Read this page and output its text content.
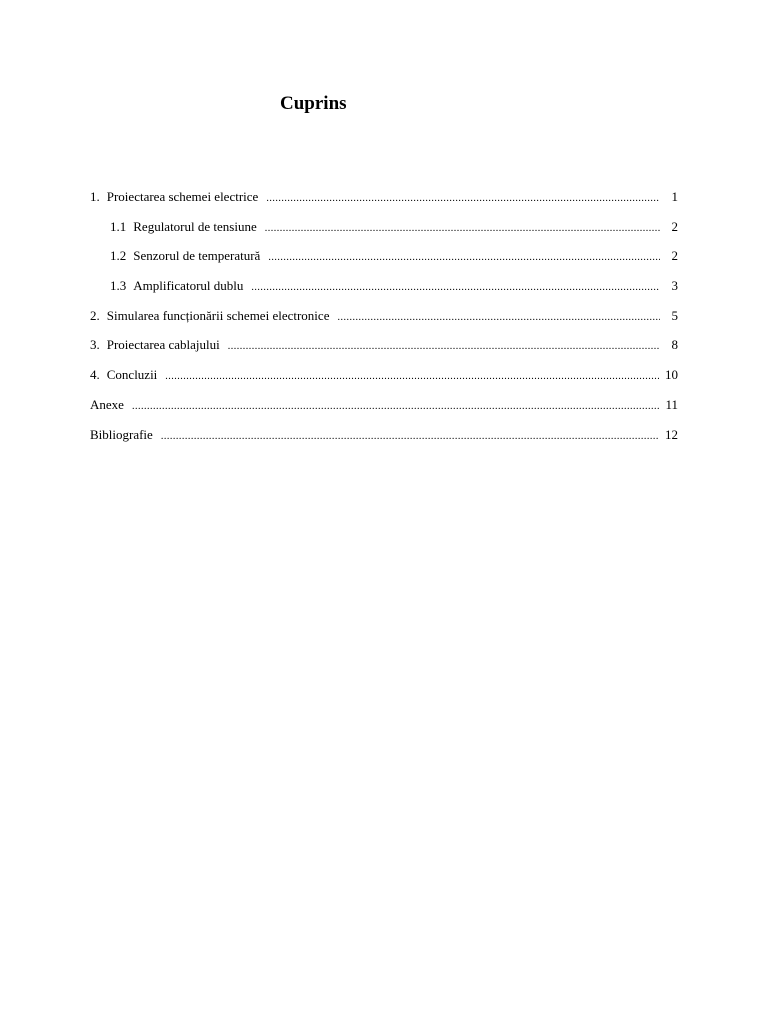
Cuprins
1. Proiectarea schemei electrice .....	1
1.1 Regulatorul de tensiune .....	2
1.2 Senzorul de temperatură .....	2
1.3 Amplificatorul dublu .....	3
2. Simularea funcționării schemei electronice .....	5
3. Proiectarea cablajului .....	8
4. Concluzii .....	10
Anexe .....	11
Bibliografie .....	12
